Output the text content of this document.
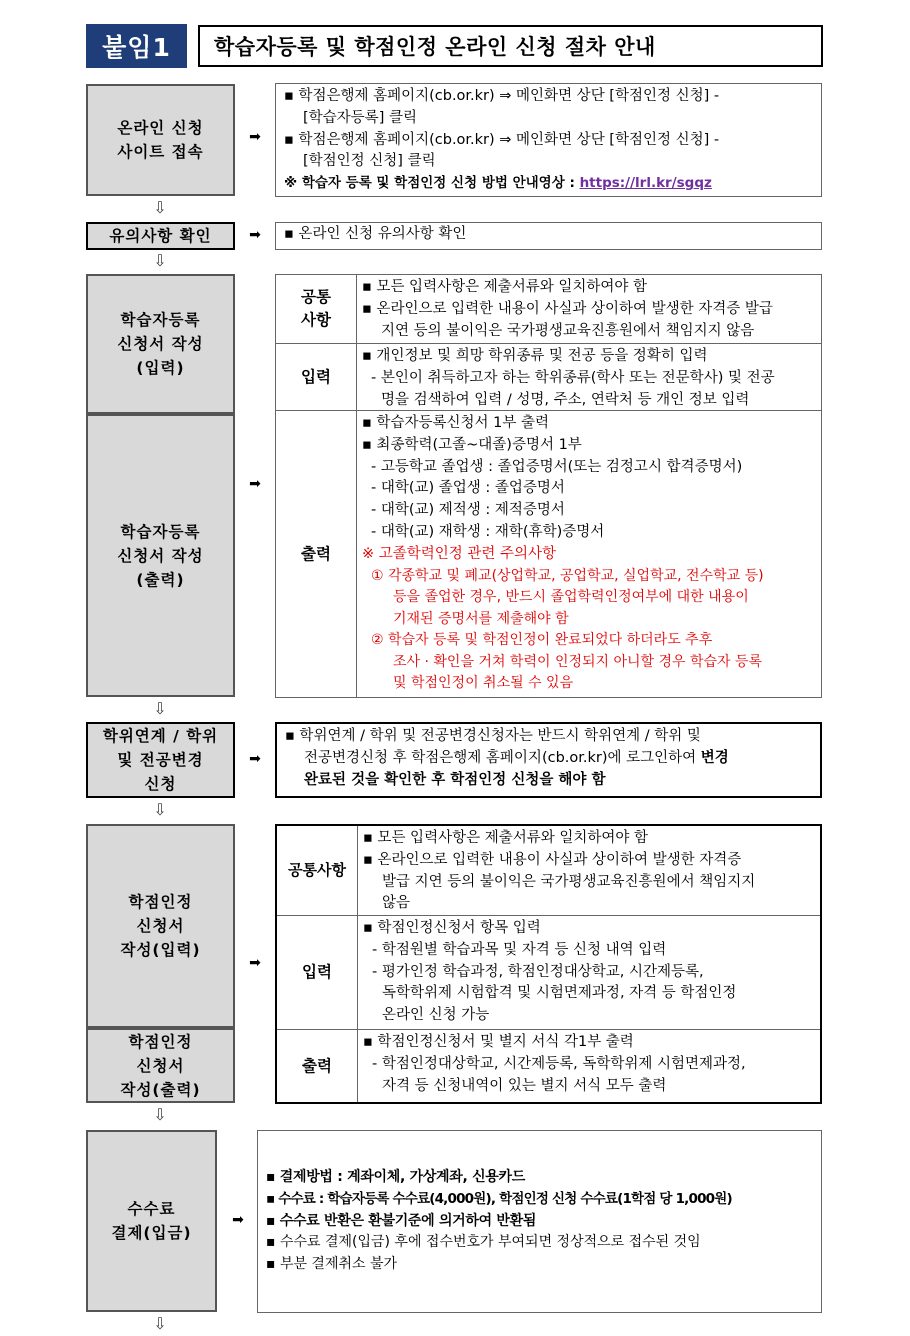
붙임1	학습자등록 및 학점인정 온라인 신청 절차 안내
온라인 신청
사이트 접속
➡
▪ 학점은행제 홈페이지(cb.or.kr) ⇒ 메인화면 상단 [학점인정 신청] -
[학습자등록] 클릭
▪ 학점은행제 홈페이지(cb.or.kr) ⇒ 메인화면 상단 [학점인정 신청] -
[학점인정 신청] 클릭
※ 학습자 등록 및 학점인정 신청 방법 안내영상 : https://lrl.kr/sgqz
⇩
유의사항 확인	➡ ▪ 온라인 신청 유의사항 확인
⇩
학습자등록
신청서 작성
(입력)
학습자등록
신청서 작성
(출력)
➡
공통
사항
▪ 모든 입력사항은 제출서류와 일치하여야 함
▪ 온라인으로 입력한 내용이 사실과 상이하여 발생한 자격증 발급
지연 등의 불이익은 국가평생교육진흥원에서 책임지지 않음
입력
▪ 개인정보 및 희망 학위종류 및 전공 등을 정확히 입력
- 본인이 취득하고자 하는 학위종류(학사 또는 전문학사) 및 전공
명을 검색하여 입력 / 성명, 주소, 연락처 등 개인 정보 입력
출력
▪ 학습자등록신청서 1부 출력
▪ 최종학력(고졸~대졸)증명서 1부
- 고등학교 졸업생 : 졸업증명서(또는 검정고시 합격증명서)
- 대학(교) 졸업생 : 졸업증명서
- 대학(교) 제적생 : 제적증명서
- 대학(교) 재학생 : 재학(휴학)증명서
※ 고졸학력인정 관련 주의사항
① 각종학교 및 폐교(상업학교, 공업학교, 실업학교, 전수학교 등)
등을 졸업한 경우, 반드시 졸업학력인정여부에 대한 내용이
기재된 증명서를 제출해야 함
② 학습자 등록 및 학점인정이 완료되었다 하더라도 추후
조사 · 확인을 거쳐 학력이 인정되지 아니할 경우 학습자 등록
및 학점인정이 취소될 수 있음
⇩
학위연계 / 학위
및 전공변경
신청
➡
▪ 학위연계 / 학위 및 전공변경신청자는 반드시 학위연계 / 학위 및
전공변경신청 후 학점은행제 홈페이지(cb.or.kr)에 로그인하여 변경
완료된 것을 확인한 후 학점인정 신청을 해야 함
⇩
학점인정
신청서
작성(입력)
학점인정
신청서
작성(출력)
➡
공통사항
▪ 모든 입력사항은 제출서류와 일치하여야 함
▪ 온라인으로 입력한 내용이 사실과 상이하여 발생한 자격증
발급 지연 등의 불이익은 국가평생교육진흥원에서 책임지지
않음
입력
▪ 학점인정신청서 항목 입력
- 학점원별 학습과목 및 자격 등 신청 내역 입력
- 평가인정 학습과정, 학점인정대상학교, 시간제등록,
독학학위제 시험합격 및 시험면제과정, 자격 등 학점인정
온라인 신청 가능
출력
▪ 학점인정신청서 및 별지 서식 각1부 출력
- 학점인정대상학교, 시간제등록, 독학학위제 시험면제과정,
자격 등 신청내역이 있는 별지 서식 모두 출력
⇩
수수료
결제(입금)
➡
▪ 결제방법 : 계좌이체, 가상계좌, 신용카드
▪ 수수료 : 학습자등록 수수료(4,000원), 학점인정 신청 수수료(1학점 당 1,000원)
▪ 수수료 반환은 환불기준에 의거하여 반환됨
▪ 수수료 결제(입금) 후에 접수번호가 부여되면 정상적으로 접수된 것임
▪ 부분 결제취소 불가
⇩
